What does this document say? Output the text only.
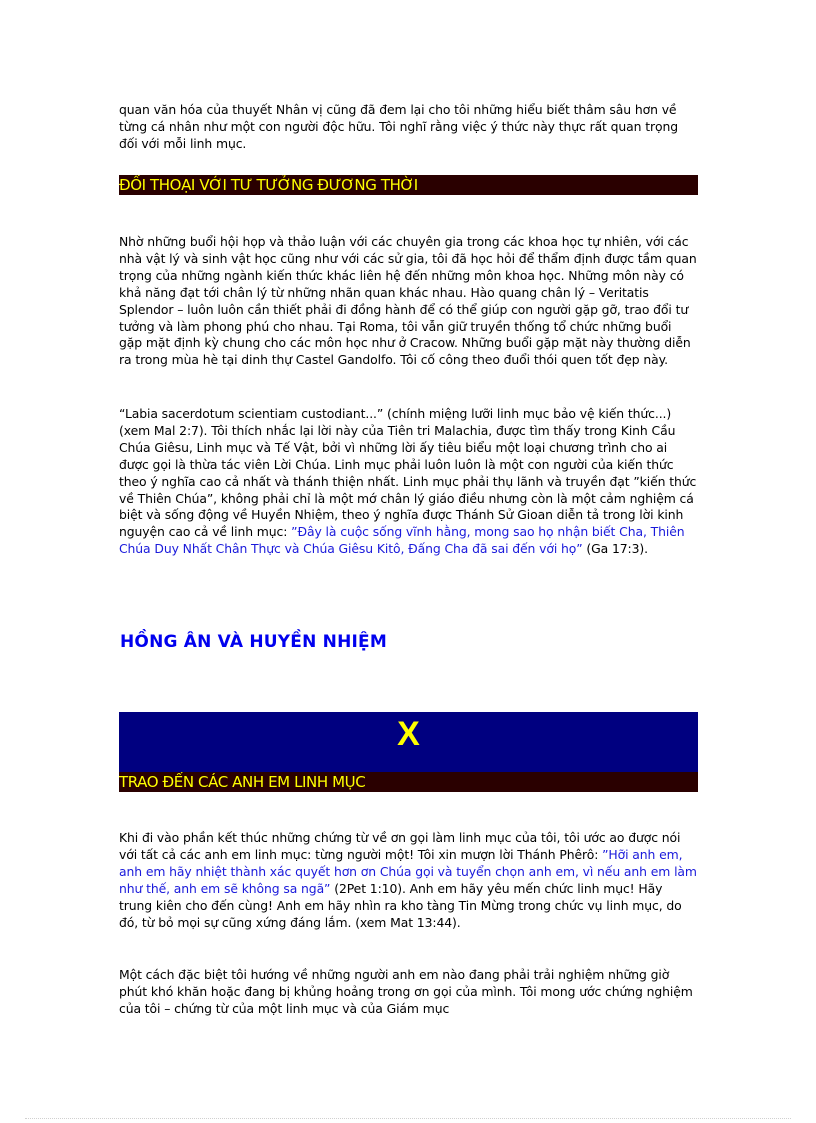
quan văn hóa của thuyết Nhân vị cũng đã đem lại cho tôi những hiểu biết thâm sâu hơn về từng cá nhân như một con người độc hữu. Tôi nghĩ rằng việc ý thức này thực rất quan trọng đối với mỗi linh mục.

ĐỐI THOẠI VỚI TƯ TƯỞNG ĐƯƠNG THỜI

Nhờ những buổi hội họp và thảo luận với các chuyên gia trong các khoa học tự nhiên, với các nhà vật lý và sinh vật học cũng như với các sử gia, tôi đã học hỏi để thẩm định được tầm quan trọng của những ngành kiến thức khác liên hệ đến những môn khoa học. Những môn này có khả năng đạt tới chân lý từ những nhãn quan khác nhau. Hào quang chân lý – Veritatis Splendor – luôn luôn cần thiết phải đi đồng hành để có thể giúp con người gặp gỡ, trao đổi tư tưởng và làm phong phú cho nhau. Tại Roma, tôi vẫn giữ truyền thống tổ chức những buổi gặp mặt định kỳ chung cho các môn học như ở Cracow. Những buổi gặp mặt này thường diễn ra trong mùa hè tại dinh thự Castel Gandolfo. Tôi cố công theo đuổi thói quen tốt đẹp này.

“Labia sacerdotum scientiam custodiant...” (chính miệng lưỡi linh mục bảo vệ kiến thức...) (xem Mal 2:7). Tôi thích nhắc lại lời này của Tiên tri Malachia, được tìm thấy trong Kinh Cầu Chúa Giêsu, Linh mục và Tế Vật, bởi vì những lời ấy tiêu biểu một loại chương trình cho ai được gọi là thừa tác viên Lời Chúa. Linh mục phải luôn luôn là một con người của kiến thức theo ý nghĩa cao cả nhất và thánh thiện nhất. Linh mục phải thụ lãnh và truyền đạt ”kiến thức về Thiên Chúa”, không phải chỉ là một mớ chân lý giáo điều nhưng còn là một cảm nghiệm cá biệt và sống động về Huyền Nhiệm, theo ý nghĩa được Thánh Sử Gioan diễn tả trong lời kinh nguyện cao cả về linh mục: ”Đây là cuộc sống vĩnh hằng, mong sao họ nhận biết Cha, Thiên Chúa Duy Nhất Chân Thực và Chúa Giêsu Kitô, Đấng Cha đã sai đến với họ” (Ga 17:3).

HỒNG ÂN VÀ HUYỀN NHIỆM
X
TRAO ĐẾN CÁC ANH EM LINH MỤC

Khi đi vào phần kết thúc những chứng từ về ơn gọi làm linh mục của tôi, tôi ước ao được nói với tất cả các anh em linh mục: từng người một! Tôi xin mượn lời Thánh Phêrô: ”Hỡi anh em, anh em hãy nhiệt thành xác quyết hơn ơn Chúa gọi và tuyển chọn anh em, vì nếu anh em làm như thế, anh em sẽ không sa ngã” (2Pet 1:10). Anh em hãy yêu mến chức linh mục! Hãy trung kiên cho đến cùng! Anh em hãy nhìn ra kho tàng Tin Mừng trong chức vụ linh mục, do đó, từ bỏ mọi sự cũng xứng đáng lắm. (xem Mat 13:44).

Một cách đặc biệt tôi hướng về những người anh em nào đang phải trải nghiệm những giờ phút khó khăn hoặc đang bị khủng hoảng trong ơn gọi của mình. Tôi mong ước chứng nghiệm của tôi – chứng từ của một linh mục và của Giám mục
